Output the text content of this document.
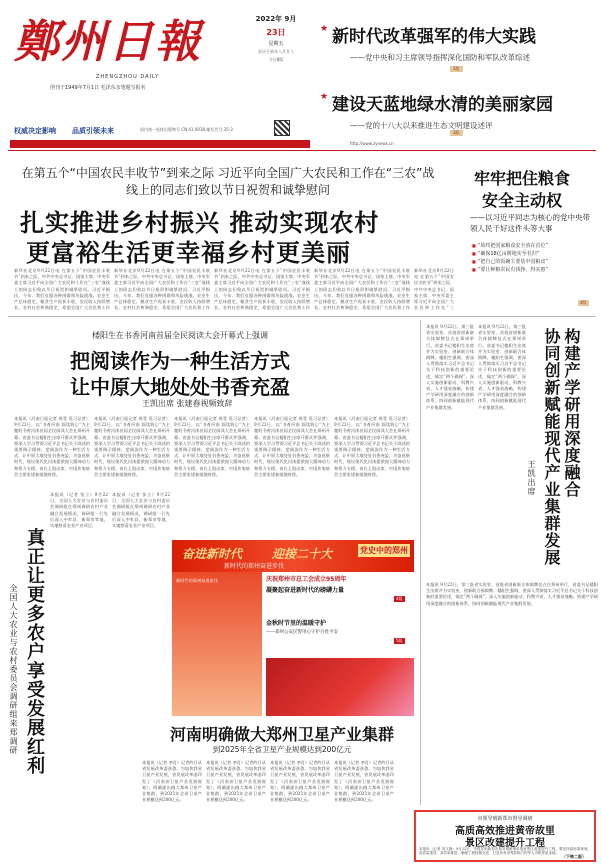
鄭州日報
ZHENGZHOU DAILY
创刊于1949年7月1日 毛泽东亲笔题写报名
2022年 9月
23日
星期五
农历壬寅年八月廿八
今日8版
★ 新时代改革强军的伟大实践
——党中央和习主席领导指挥深化国防和军队改革综述
2版
★ 建设天蓝地绿水清的美丽家园
——党的十八大以来推进生态文明建设述评
3版
权威决定影响 品质引领未来	国内统一连续出版物号 CN 41-0038 邮发代号:35-3
今天以多云为主 最高气温26℃ 最低气温16℃ 偏北风3~4级
http://www.zynews.cn
在第五个“中国农民丰收节”到来之际 习近平向全国广大农民和工作在“三农”战线上的同志们致以节日祝贺和诚挚慰问
扎实推进乡村振兴 推动实现农村
更富裕生活更幸福乡村更美丽
新华社北京9月22日电 在第五个“中国农民丰收节”到来之际，中共中央总书记、国家主席、中央军委主席习近平向全国广大农民和工作在“三农”战线上的同志们致以节日祝贺和诚挚慰问。习近平指出，今年，我们克服各种困难和风险挑战，农业生产总体稳定，粮食生产再获丰收，农民收入持续增长，农村社会和谐稳定。希望全国广大农民和工作
新华社北京9月22日电 在第五个“中国农民丰收节”到来之际，中共中央总书记、国家主席、中央军委主席习近平向全国广大农民和工作在“三农”战线上的同志们致以节日祝贺和诚挚慰问。习近平指出，今年，我们克服各种困难和风险挑战，农业生产总体稳定，粮食生产再获丰收，农民收入持续增长，农村社会和谐稳定。希望全国广大农民和工作
新华社北京9月22日电 在第五个“中国农民丰收节”到来之际，中共中央总书记、国家主席、中央军委主席习近平向全国广大农民和工作在“三农”战线上的同志们致以节日祝贺和诚挚慰问。习近平指出，今年，我们克服各种困难和风险挑战，农业生产总体稳定，粮食生产再获丰收，农民收入持续增长，农村社会和谐稳定。希望全国广大农民和工作
新华社北京9月22日电 在第五个“中国农民丰收节”到来之际，中共中央总书记、国家主席、中央军委主席习近平向全国广大农民和工作在“三农”战线上的同志们致以节日祝贺和诚挚慰问。习近平指出，今年，我们克服各种困难和风险挑战，农业生产总体稳定，粮食生产再获丰收，农民收入持续增长，农村社会和谐稳定。希望全国广大农民和工作
新华社北京9月22日电 在第五个“中国农民丰收节”到来之际，中共中央总书记、国家主席、中央军委主席习近平向全国广大农民和工作在“三
牢牢把住粮食
安全主动权
——以习近平同志为核心的党中央带领人民干好这件头等大事
■ “始终把国家粮食安全放在首位”
■ “确保18亿亩耕地实至名归”
■ “把自己的饭碗主要装中国粮食”
■ “要让种粮农民有钱挣、得实惠”
4版
楼阳生在书香河南首届全民阅读大会开幕式上强调
把阅读作为一种生活方式
让中原大地处处书香充盈
王凯出席 张建春视频致辞
本报讯（河南日报记者 周青 见习记者）9月22日，以“书香河南 阅读润心”为主题的书香河南首届全民阅读大会在郑州开幕。省委书记楼阳生出席开幕式并强调，要深入学习贯彻习近平总书记关于阅读的重要指示精神，把阅读作为一种生活方式，让中原大地处处书香充盈，为奋进新时代、建设现代化河南提供强大精神动力和智力支撑。省长王凯出席，中国作家协会主席张建春视频致辞。
本报讯（河南日报记者 周青 见习记者）9月22日，以“书香河南 阅读润心”为主题的书香河南首届全民阅读大会在郑州开幕。省委书记楼阳生出席开幕式并强调，要深入学习贯彻习近平总书记关于阅读的重要指示精神，把阅读作为一种生活方式，让中原大地处处书香充盈，为奋进新时代、建设现代化河南提供强大精神动力和智力支撑。省长王凯出席，中国作家协会主席张建春视频致辞。
本报讯（河南日报记者 周青 见习记者）9月22日，以“书香河南 阅读润心”为主题的书香河南首届全民阅读大会在郑州开幕。省委书记楼阳生出席开幕式并强调，要深入学习贯彻习近平总书记关于阅读的重要指示精神，把阅读作为一种生活方式，让中原大地处处书香充盈，为奋进新时代、建设现代化河南提供强大精神动力和智力支撑。省长王凯出席，中国作家协会主席张建春视频致辞。
本报讯（河南日报记者 周青 见习记者）9月22日，以“书香河南 阅读润心”为主题的书香河南首届全民阅读大会在郑州开幕。省委书记楼阳生出席开幕式并强调，要深入学习贯彻习近平总书记关于阅读的重要指示精神，把阅读作为一种生活方式，让中原大地处处书香充盈，为奋进新时代、建设现代化河南提供强大精神动力和智力支撑。省长王凯出席，中国作家协会主席张建春视频致辞。
本报讯（河南日报记者 周青 见习记者）9月22日，以“书香河南 阅读润心”为主题的书香河南首届全民阅读大会在郑州开幕。省委书记楼阳生出席开幕式并强调，要深入学习贯彻习近平总书记关于阅读的重要指示精神，把阅读作为一种生活方式，让中原大地处处书香充盈，为奋进新时代、建设现代化河南提供强大精神动力和智力支撑。省长王凯出席，中国作家协会主席张建春视频致辞。
本报讯 9月22日，第三批省实验室、首批省创新联合体揭牌仪式在郑州举行。省委书记楼阳生出席并为实验室、创新联合体揭牌。楼阳生强调，要深入贯彻落实习近平总书记关于科技创新的重要论述，锚定“两个确保”，深入实施创新驱动、科教兴省、人才强省战略，构建产学研用深度融合的创新体系，协同创新赋能现代产业集群发展。
本报讯 9月22日，第三批省实验室、首批省创新联合体揭牌仪式在郑州举行。省委书记楼阳生出席并为实验室、创新联合体揭牌。楼阳生强调，要深入贯彻落实习近平总书记关于科技创新的重要论述，锚定“两个确保”，深入实施创新驱动、科教兴省、人才强省战略，构建产学研用深度融合的创新体系，协同创新赋能现代产业集群发展。	构建产学研用深度融合
协同创新赋能现代产业集群发展
王凯出席
本报讯 9月22日，第三批省实验室、首批省创新联合体揭牌仪式在郑州举行。省委书记楼阳生出席并为实验室、创新联合体揭牌。楼阳生强调，要深入贯彻落实习近平总书记关于科技创新的重要论述，锚定“两个确保”，深入实施创新驱动、科教兴省、人才强省战略，构建产学研用深度融合的创新体系，协同创新赋能现代产业集群发展。
全国人大农业与农村委员会调研组来郑调研 真正让更多农户享受发展红利
本报讯（记者 张立）9月22日，全国人大农业与农村委员会调研组在郑州调研农村产业融合发展情况，调研组一行先后深入中牟县、新郑市等地，实地察看农业产业项目。
本报讯（记者 张立）9月22日，全国人大农业与农村委员会调研组在郑州调研农村产业融合发展情况，调研组一行先后深入中牟县、新郑市等地，实地察看农业产业项目。
奋进新时代 迎接二十大	党史中的郑州
新时代的郑州奋进步伐
新时代的郑州奋进步伐	庆祝郑州市总工会成立95周年
凝聚起奋进新时代的磅礴力量
4版
金秋时节里的温暖守护
——郑州公安民警用心守护百姓平安
5版
河南明确做大郑州卫星产业集群
到2025年全省卫星产业规模达到200亿元
本报讯（记者 李肖）记者昨日从省发展改革委获悉，为加快我省卫星产业发展，省发展改革委印发了《河南省卫星产业发展规划》，明确提出做大郑州卫星产业集群，到2025年全省卫星产业规模达到200亿元。
本报讯（记者 李肖）记者昨日从省发展改革委获悉，为加快我省卫星产业发展，省发展改革委印发了《河南省卫星产业发展规划》，明确提出做大郑州卫星产业集群，到2025年全省卫星产业规模达到200亿元。
本报讯（记者 李肖）记者昨日从省发展改革委获悉，为加快我省卫星产业发展，省发展改革委印发了《河南省卫星产业发展规划》，明确提出做大郑州卫星产业集群，到2025年全省卫星产业规模达到200亿元。
本报讯（记者 李肖）记者昨日从省发展改革委获悉，为加快我省卫星产业发展，省发展改革委印发了《河南省卫星产业发展规划》，明确提出做大郑州卫星产业集群，到2025年全省卫星产业规模达到200亿元。
市领导到新郑市督导调研
高质高效推进黄帝故里
景区改建提升工程
本报讯（记者 刘文静）9月22日，市领导到新郑市督导调研黄帝故里景区改建提升工程。要坚持高标准规划、高质量建设、高效率推进，确保工程按期完成，打造具有世界影响力的华人寻根拜祖圣地。
（下转二版）
